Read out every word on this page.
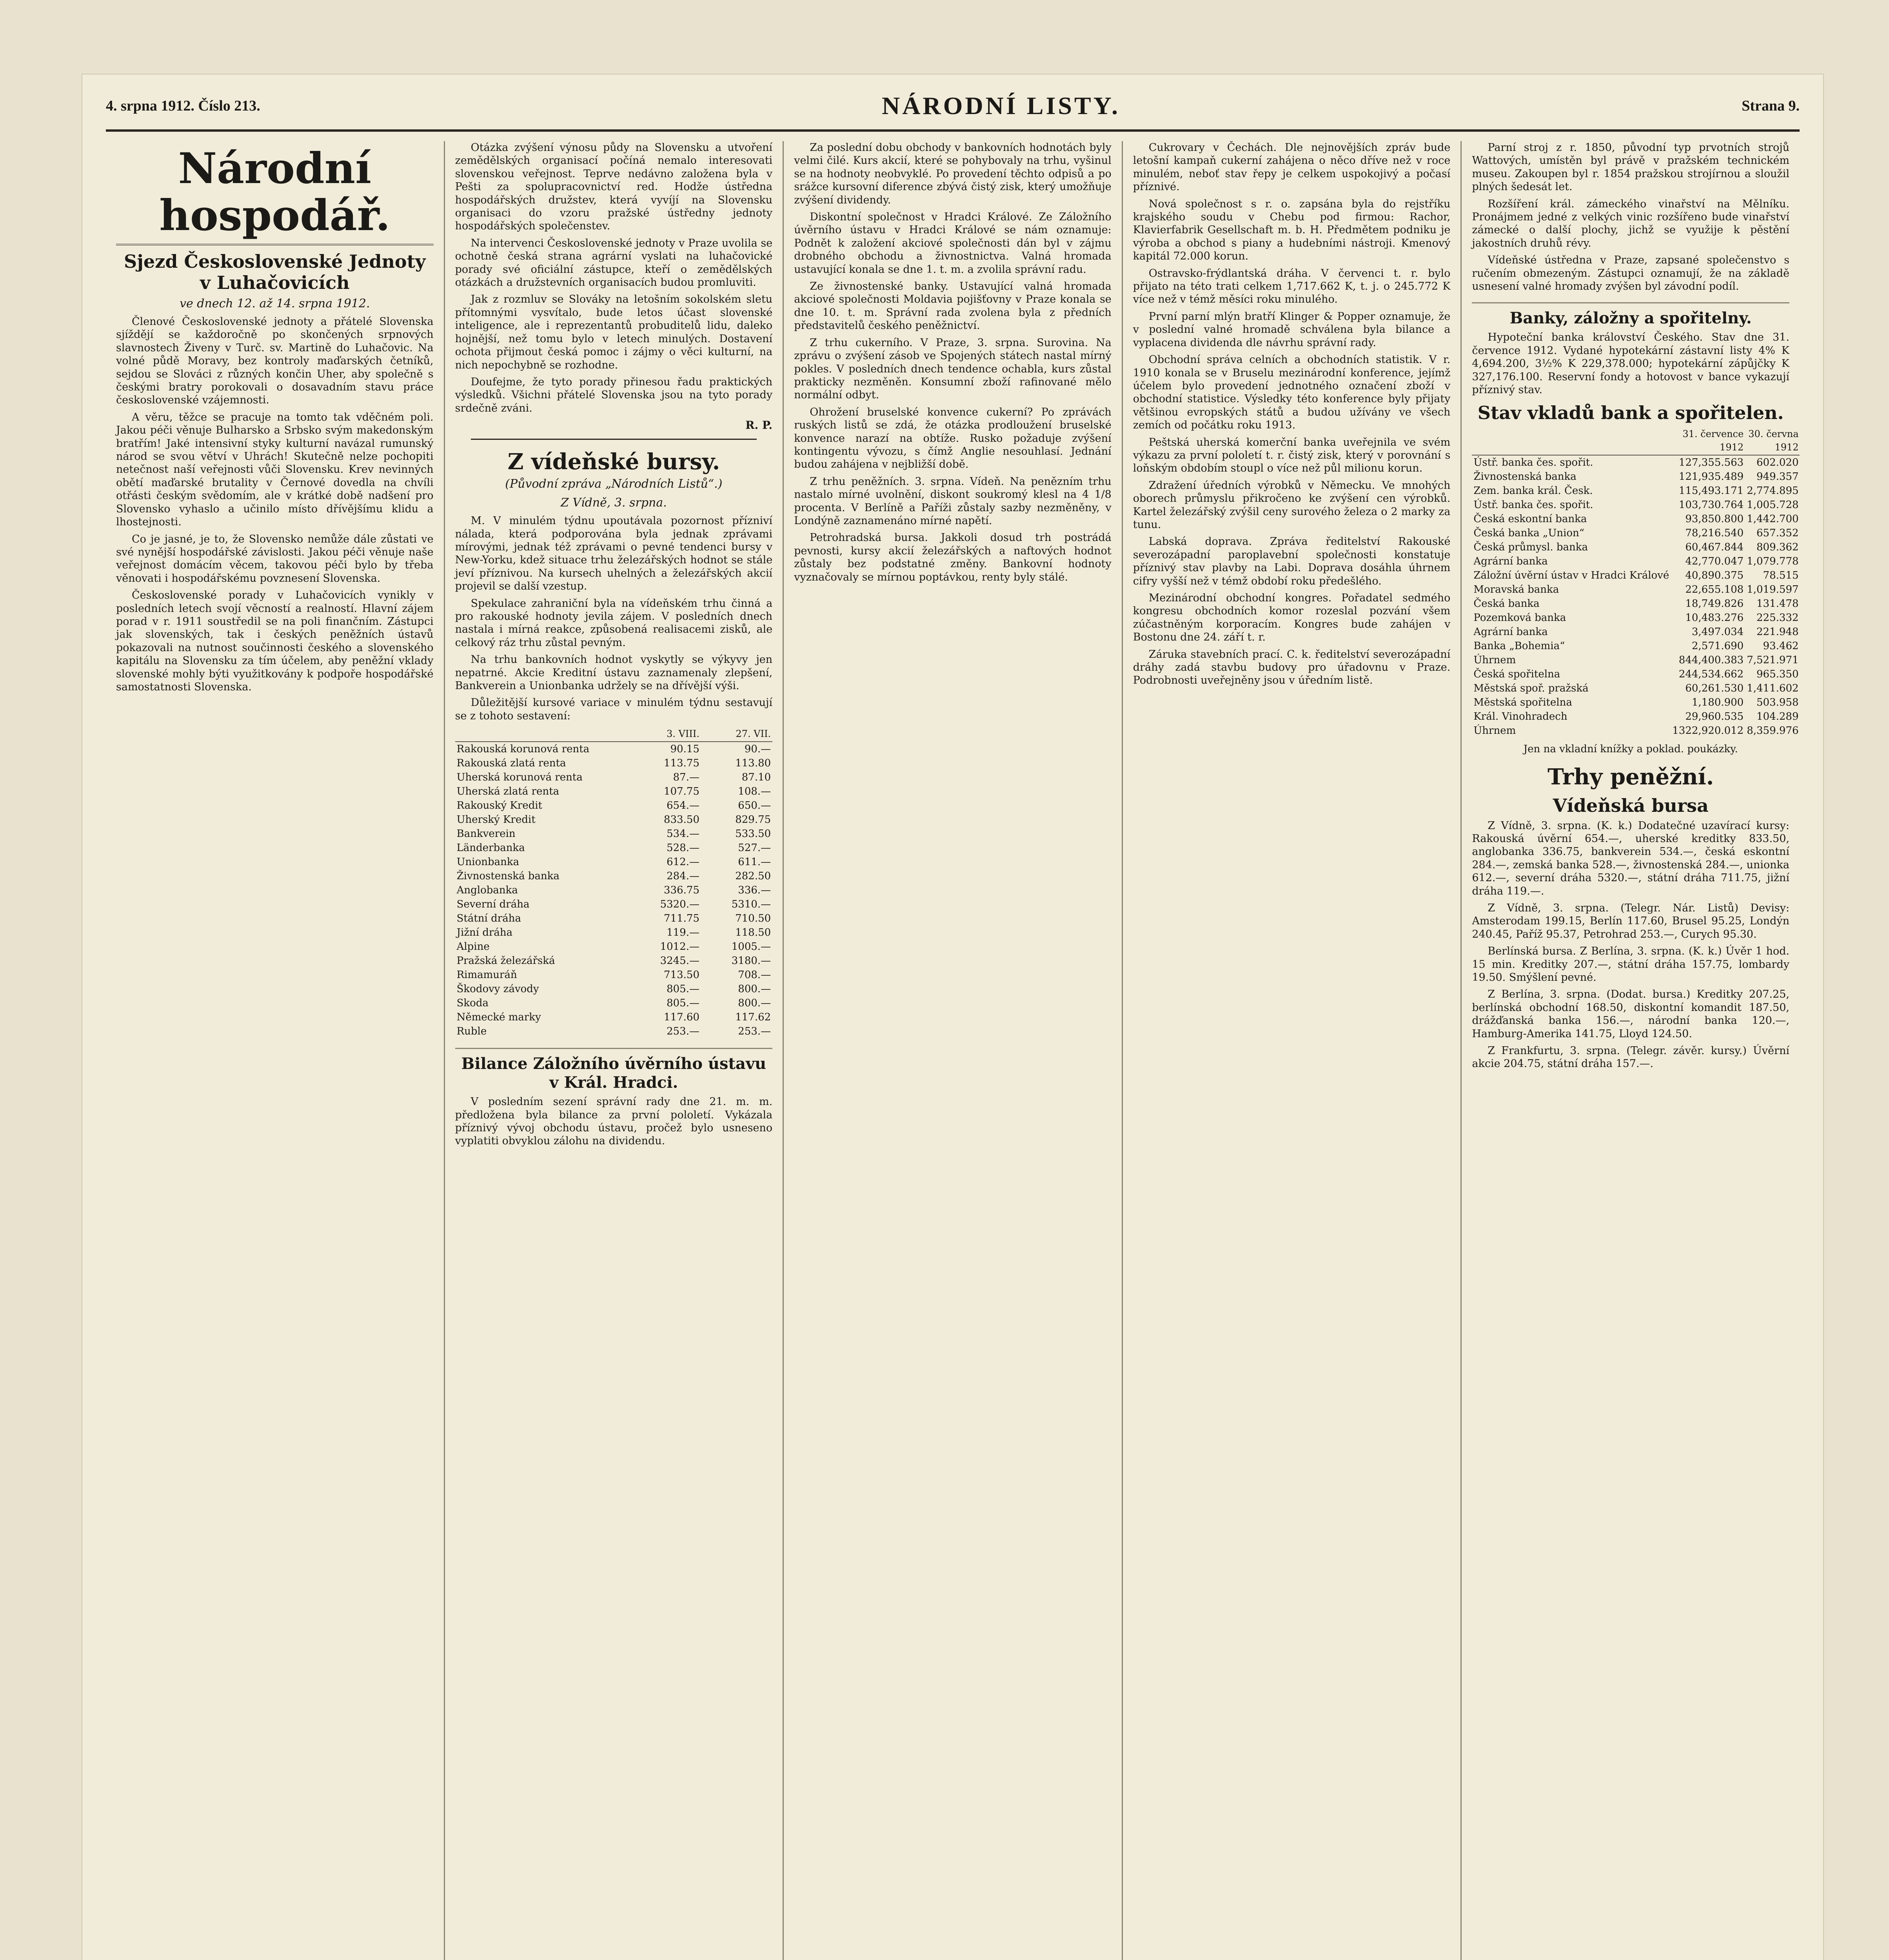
4. srpna 1912. Číslo 213.	NÁRODNÍ LISTY.	Strana 9.
Národní hospodář.
Sjezd Československé Jednoty v Luhačovicích
ve dnech 12. až 14. srpna 1912.

Členové Československé jednoty a přátelé Slovenska sjíždějí se každoročně po skončených srpnových slavnostech Živeny v Turč. sv. Martině do Luhačovic. Na volné půdě Moravy, bez kontroly maďarských četníků, sejdou se Slováci z různých končin Uher, aby společně s českými bratry porokovali o dosavadním stavu práce československé vzájemnosti.

A věru, těžce se pracuje na tomto tak vděčném poli. Jakou péči věnuje Bulharsko a Srbsko svým makedonským bratřím! Jaké intensivní styky kulturní navázal rumunský národ se svou větví v Uhrách! Skutečně nelze pochopiti netečnost naší veřejnosti vůči Slovensku. Krev nevinných obětí maďarské brutality v Černové dovedla na chvíli otřásti českým svědomím, ale v krátké době nadšení pro Slovensko vyhaslo a učinilo místo dřívějšímu klidu a lhostejnosti.

Co je jasné, je to, že Slovensko nemůže dále zůstati ve své nynější hospodářské závislosti. Jakou péči věnuje naše veřejnost domácím věcem, takovou péči bylo by třeba věnovati i hospodářskému povznesení Slovenska.

Československé porady v Luhačovicích vynikly v posledních letech svojí věcností a realností. Hlavní zájem porad v r. 1911 soustředil se na poli finančním. Zástupci jak slovenských, tak i českých peněžních ústavů pokazovali na nutnost součinnosti českého a slovenského kapitálu na Slovensku za tím účelem, aby peněžní vklady slovenské mohly býti využitkovány k podpoře hospodářské samostatnosti Slovenska.

Otázka zvýšení výnosu půdy na Slovensku a utvoření zemědělských organisací počíná nemalo interesovati slovenskou veřejnost. Teprve nedávno založena byla v Pešti za spolupracovnictví red. Hodže ústředna hospodářských družstev, která vyvíjí na Slovensku organisaci do vzoru pražské ústředny jednoty hospodářských společenstev.

Na intervenci Československé jednoty v Praze uvolila se ochotně česká strana agrární vyslati na luhačovické porady své oficiální zástupce, kteří o zemědělských otázkách a družstevních organisacích budou promluviti.

Jak z rozmluv se Slováky na letošním sokolském sletu přítomnými vysvítalo, bude letos účast slovenské inteligence, ale i reprezentantů probuditelů lidu, daleko hojnější, než tomu bylo v letech minulých. Dostavení ochota přijmout česká pomoc i zájmy o věci kulturní, na nich nepochybně se rozhodne.

Doufejme, že tyto porady přinesou řadu praktických výsledků. Všichni přátelé Slovenska jsou na tyto porady srdečně zváni.

R. P.
Z vídeňské bursy.
(Původní zpráva „Národních Listů“.)
Z Vídně, 3. srpna.

M. V minulém týdnu upoutávala pozornost přízniví nálada, která podporována byla jednak zprávami mírovými, jednak též zprávami o pevné tendenci bursy v New-Yorku, kdež situace trhu železářských hodnot se stále jeví příznivou. Na kursech uhelných a železářských akcií projevil se další vzestup.

Spekulace zahraniční byla na vídeňském trhu činná a pro rakouské hodnoty jevila zájem. V posledních dnech nastala i mírná reakce, způsobená realisacemi zisků, ale celkový ráz trhu zůstal pevným.

Na trhu bankovních hodnot vyskytly se výkyvy jen nepatrné. Akcie Kreditní ústavu zaznamenaly zlepšení, Bankverein a Unionbanka udržely se na dřívější výši.

Důležitější kursové variace v minulém týdnu sestavují se z tohoto sestavení:

	3. VIII.	27. VII.
Rakouská korunová renta	90.15	90.—
Rakouská zlatá renta	113.75	113.80
Uherská korunová renta	87.—	87.10
Uherská zlatá renta	107.75	108.—
Rakouský Kredit	654.—	650.—
Uherský Kredit	833.50	829.75
Bankverein	534.—	533.50
Länderbanka	528.—	527.—
Unionbanka	612.—	611.—
Živnostenská banka	284.—	282.50
Anglobanka	336.75	336.—
Severní dráha	5320.—	5310.—
Státní dráha	711.75	710.50
Jižní dráha	119.—	118.50
Alpine	1012.—	1005.—
Pražská železářská	3245.—	3180.—
Rimamuráň	713.50	708.—
Škodovy závody	805.—	800.—
Skoda	805.—	800.—
Německé marky	117.60	117.62
Ruble	253.—	253.—
Bilance Záložního úvěrního ústavu v Král. Hradci.

V posledním sezení správní rady dne 21. m. m. předložena byla bilance za první pololetí. Vykázala příznivý vývoj obchodu ústavu, pročež bylo usneseno vyplatiti obvyklou zálohu na dividendu.

Za poslední dobu obchody v bankovních hodnotách byly velmi čilé. Kurs akcií, které se pohybovaly na trhu, vyšinul se na hodnoty neobvyklé. Po provedení těchto odpisů a po srážce kursovní diference zbývá čistý zisk, který umožňuje zvýšení dividendy.

Diskontní společnost v Hradci Králové. Ze Záložního úvěrního ústavu v Hradci Králové se nám oznamuje: Podnět k založení akciové společnosti dán byl v zájmu drobného obchodu a živnostnictva. Valná hromada ustavující konala se dne 1. t. m. a zvolila správní radu.

Ze živnostenské banky. Ustavující valná hromada akciové společnosti Moldavia pojišťovny v Praze konala se dne 10. t. m. Správní rada zvolena byla z předních představitelů českého peněžnictví.

Z trhu cukerního. V Praze, 3. srpna. Surovina. Na zprávu o zvýšení zásob ve Spojených státech nastal mírný pokles. V posledních dnech tendence ochabla, kurs zůstal prakticky nezměněn. Konsumní zboží rafinované mělo normální odbyt.

Ohrožení bruselské konvence cukerní? Po zprávách ruských listů se zdá, že otázka prodloužení bruselské konvence narazí na obtíže. Rusko požaduje zvýšení kontingentu vývozu, s čímž Anglie nesouhlasí. Jednání budou zahájena v nejbližší době.

Z trhu peněžních. 3. srpna. Vídeň. Na penězním trhu nastalo mírné uvolnění, diskont soukromý klesl na 4 1/8 procenta. V Berlíně a Paříži zůstaly sazby nezměněny, v Londýně zaznamenáno mírné napětí.

Petrohradská bursa. Jakkoli dosud trh postrádá pevnosti, kursy akcií železářských a naftových hodnot zůstaly bez podstatné změny. Bankovní hodnoty vyznačovaly se mírnou poptávkou, renty byly stálé.

Cukrovary v Čechách. Dle nejnovějších zpráv bude letošní kampaň cukerní zahájena o něco dříve než v roce minulém, neboť stav řepy je celkem uspokojivý a počasí příznivé.

Nová společnost s r. o. zapsána byla do rejstříku krajského soudu v Chebu pod firmou: Rachor, Klavierfabrik Gesellschaft m. b. H. Předmětem podniku je výroba a obchod s piany a hudebními nástroji. Kmenový kapitál 72.000 korun.

Ostravsko-frýdlantská dráha. V červenci t. r. bylo přijato na této trati celkem 1,717.662 K, t. j. o 245.772 K více než v témž měsíci roku minulého.

První parní mlýn bratří Klinger & Popper oznamuje, že v poslední valné hromadě schválena byla bilance a vyplacena dividenda dle návrhu správní rady.

Obchodní správa celních a obchodních statistik. V r. 1910 konala se v Bruselu mezinárodní konference, jejímž účelem bylo provedení jednotného označení zboží v obchodní statistice. Výsledky této konference byly přijaty většinou evropských států a budou užívány ve všech zemích od počátku roku 1913.

Peštská uherská komerční banka uveřejnila ve svém výkazu za první pololetí t. r. čistý zisk, který v porovnání s loňským obdobím stoupl o více než půl milionu korun.

Zdražení úředních výrobků v Německu. Ve mnohých oborech průmyslu přikročeno ke zvýšení cen výrobků. Kartel železářský zvýšil ceny surového železa o 2 marky za tunu.

Labská doprava. Zpráva ředitelství Rakouské severozápadní paroplavební společnosti konstatuje příznivý stav plavby na Labi. Doprava dosáhla úhrnem cifry vyšší než v témž období roku předešlého.

Mezinárodní obchodní kongres. Pořadatel sedmého kongresu obchodních komor rozeslal pozvání všem zúčastněným korporacím. Kongres bude zahájen v Bostonu dne 24. září t. r.

Záruka stavebních prací. C. k. ředitelství severozápadní dráhy zadá stavbu budovy pro úřadovnu v Praze. Podrobnosti uveřejněny jsou v úředním listě.

Parní stroj z r. 1850, původní typ prvotních strojů Wattových, umístěn byl právě v pražském technickém museu. Zakoupen byl r. 1854 pražskou strojírnou a sloužil plných šedesát let.

Rozšíření král. zámeckého vinařství na Mělníku. Pronájmem jedné z velkých vinic rozšířeno bude vinařství zámecké o další plochy, jichž se využije k pěstění jakostních druhů révy.

Vídeňské ústředna v Praze, zapsané společenstvo s ručením obmezeným. Zástupci oznamují, že na základě usnesení valné hromady zvýšen byl závodní podíl.

Banky, záložny a spořitelny.

Hypoteční banka království Českého. Stav dne 31. července 1912. Vydané hypotekární zástavní listy 4% K 4,694.200, 3½% K 229,378.000; hypotekární zápůjčky K 327,176.100. Reservní fondy a hotovost v bance vykazují příznivý stav.

Stav vkladů bank a spořitelen.
	31. července 1912	30. června 1912
Ústř. banka čes. spořit.	127,355.563	602.020
Živnostenská banka	121,935.489	949.357
Zem. banka král. Česk.	115,493.171	2,774.895
Ústř. banka čes. spořit.	103,730.764	1,005.728
Česká eskontní banka	93,850.800	1,442.700
Česká banka „Union“	78,216.540	657.352
Česká průmysl. banka	60,467.844	809.362
Agrární banka	42,770.047	1,079.778
Záložní úvěrní ústav v Hradci Králové	40,890.375	78.515
Moravská banka	22,655.108	1,019.597
Česká banka	18,749.826	131.478
Pozemková banka	10,483.276	225.332
Agrární banka	3,497.034	221.948
Banka „Bohemia“	2,571.690	93.462
Úhrnem	844,400.383	7,521.971
Česká spořitelna	244,534.662	965.350
Městská spoř. pražská	60,261.530	1,411.602
Městská spořitelna	1,180.900	503.958
Král. Vinohradech	29,960.535	104.289
Úhrnem	1322,920.012	8,359.976
Jen na vkladní knížky a poklad. poukázky.
Trhy peněžní.
Vídeňská bursa

Z Vídně, 3. srpna. (K. k.) Dodatečné uzavírací kursy: Rakouská úvěrní 654.—, uherské kreditky 833.50, anglobanka 336.75, bankverein 534.—, česká eskontní 284.—, zemská banka 528.—, živnostenská 284.—, unionka 612.—, severní dráha 5320.—, státní dráha 711.75, jižní dráha 119.—.

Z Vídně, 3. srpna. (Telegr. Nár. Listů) Devisy: Amsterodam 199.15, Berlín 117.60, Brusel 95.25, Londýn 240.45, Paříž 95.37, Petrohrad 253.—, Curych 95.30.

Berlínská bursa. Z Berlína, 3. srpna. (K. k.) Úvěr 1 hod. 15 min. Kreditky 207.—, státní dráha 157.75, lombardy 19.50. Smýšlení pevné.

Z Berlína, 3. srpna. (Dodat. bursa.) Kreditky 207.25, berlínská obchodní 168.50, diskontní komandit 187.50, drážďanská banka 156.—, národní banka 120.—, Hamburg-Amerika 141.75, Lloyd 124.50.

Z Frankfurtu, 3. srpna. (Telegr. závěr. kursy.) Úvěrní akcie 204.75, státní dráha 157.—.
